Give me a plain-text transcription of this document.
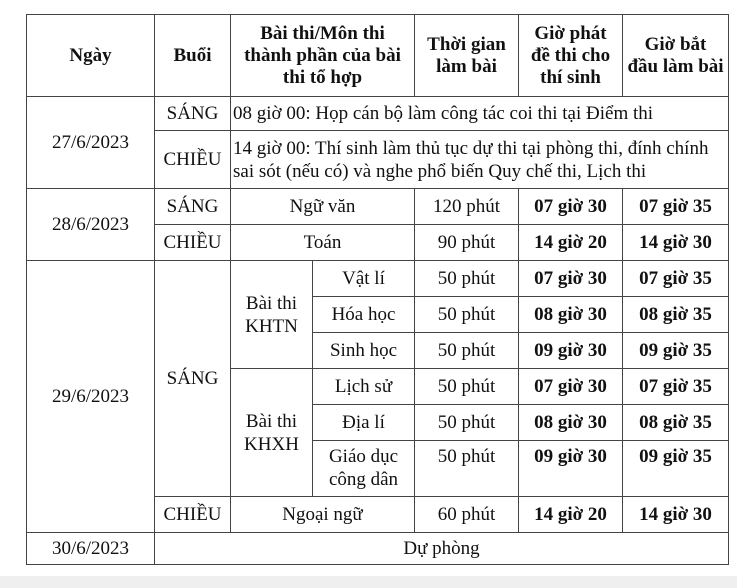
Ngày	Buổi	Bài thi/Môn thi thành phần của bài thi tổ hợp		Thời gian làm bài	Giờ phát đề thi cho thí sinh	Giờ bắt đầu làm bài
27/6/2023	SÁNG	08 giờ 00: Họp cán bộ làm công tác coi thi tại Điểm thi				
	CHIỀU	14 giờ 00: Thí sinh làm thủ tục dự thi tại phòng thi, đính chính sai sót (nếu có) và nghe phổ biến Quy chế thi, Lịch thi				
28/6/2023	SÁNG	Ngữ văn		120 phút	07 giờ 30	07 giờ 35
	CHIỀU	Toán		90 phút	14 giờ 20	14 giờ 30
29/6/2023	SÁNG	Bài thi KHTN	Vật lí	50 phút	07 giờ 30	07 giờ 35
			Hóa học	50 phút	08 giờ 30	08 giờ 35
			Sinh học	50 phút	09 giờ 30	09 giờ 35
		Bài thi KHXH	Lịch sử	50 phút	07 giờ 30	07 giờ 35
			Địa lí	50 phút	08 giờ 30	08 giờ 35
			Giáo dục công dân	50 phút	09 giờ 30	09 giờ 35
	CHIỀU	Ngoại ngữ		60 phút	14 giờ 20	14 giờ 30
30/6/2023	Dự phòng					
